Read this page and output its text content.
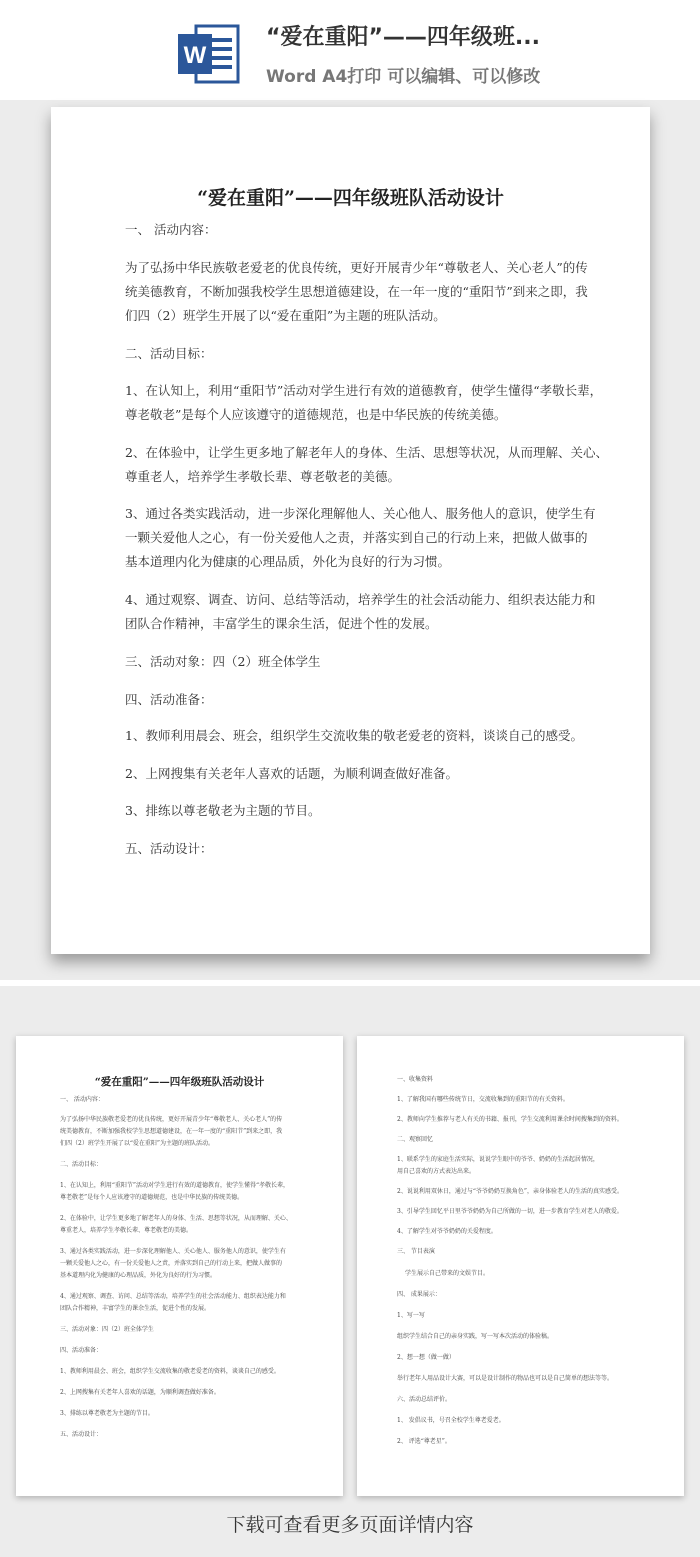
W
“爱在重阳”——四年级班...
Word A4打印 可以编辑、可以修改
“爱在重阳”——四年级班队活动设计
一、 活动内容：
为了弘扬中华民族敬老爱老的优良传统，更好开展青少年“尊敬老人、关心老人”的传
统美德教育，不断加强我校学生思想道德建设，在一年一度的“重阳节”到来之即，我
们四（2）班学生开展了以“爱在重阳”为主题的班队活动。
二、活动目标：
1、在认知上，利用“重阳节”活动对学生进行有效的道德教育，使学生懂得“孝敬长辈，
尊老敬老”是每个人应该遵守的道德规范，也是中华民族的传统美德。
2、在体验中，让学生更多地了解老年人的身体、生活、思想等状况，从而理解、关心、
尊重老人，培养学生孝敬长辈、尊老敬老的美德。
3、通过各类实践活动，进一步深化理解他人、关心他人、服务他人的意识，使学生有
一颗关爱他人之心，有一份关爱他人之责，并落实到自己的行动上来，把做人做事的
基本道理内化为健康的心理品质，外化为良好的行为习惯。
4、通过观察、调查、访问、总结等活动，培养学生的社会活动能力、组织表达能力和
团队合作精神，丰富学生的课余生活，促进个性的发展。
三、活动对象：四（2）班全体学生
四、活动准备：
1、教师利用晨会、班会，组织学生交流收集的敬老爱老的资料，谈谈自己的感受。
2、上网搜集有关老年人喜欢的话题，为顺利调查做好准备。
3、排练以尊老敬老为主题的节目。
五、活动设计：
“爱在重阳”——四年级班队活动设计
一、 活动内容：
为了弘扬中华民族敬老爱老的优良传统，更好开展青少年“尊敬老人、关心老人”的传
统美德教育，不断加强我校学生思想道德建设，在一年一度的“重阳节”到来之即，我
们四（2）班学生开展了以“爱在重阳”为主题的班队活动。
二、活动目标：
1、在认知上，利用“重阳节”活动对学生进行有效的道德教育，使学生懂得“孝敬长辈，
尊老敬老”是每个人应该遵守的道德规范，也是中华民族的传统美德。
2、在体验中，让学生更多地了解老年人的身体、生活、思想等状况，从而理解、关心、
尊重老人，培养学生孝敬长辈、尊老敬老的美德。
3、通过各类实践活动，进一步深化理解他人、关心他人、服务他人的意识，使学生有
一颗关爱他人之心，有一份关爱他人之责，并落实到自己的行动上来，把做人做事的
基本道理内化为健康的心理品质，外化为良好的行为习惯。
4、通过观察、调查、访问、总结等活动，培养学生的社会活动能力、组织表达能力和
团队合作精神，丰富学生的课余生活，促进个性的发展。
三、活动对象：四（2）班全体学生
四、活动准备：
1、教师利用晨会、班会，组织学生交流收集的敬老爱老的资料，谈谈自己的感受。
2、上网搜集有关老年人喜欢的话题，为顺利调查做好准备。
3、排练以尊老敬老为主题的节目。
五、活动设计：
一、收集资料
1、了解我国有哪些传统节日，交流收集到的重阳节的有关资料。
2、教师向学生推荐与老人有关的书籍、报刊，学生交流利用课余时间搜集到的资料。
二、观察回忆
1、联系学生的家庭生活实际，说说学生眼中的爷爷、奶奶的生活起居情况，
用自己喜欢的方式表达出来。
2、说说利用双休日，通过与“爷爷奶奶互换角色”，亲身体验老人的生活的真实感受。
3、引导学生回忆平日里爷爷奶奶为自己所做的一切，进一步教育学生对老人的敬爱。
4、了解学生对爷爷奶奶的关爱程度。
三、 节目表演
学生展示自己带来的文娱节目。
四、 成果展示：
1、写一写
组织学生结合自己的亲身实践，写一写本次活动的体验稿。
2、想一想（做一做）
举行老年人用品设计大赛，可以是设计制作的物品也可以是自己简单的想法等等。
六、活动总结评价。
1、 发倡议书，号召全校学生尊老爱老。
2、 评选“尊老星”。
下载可查看更多页面详情内容
